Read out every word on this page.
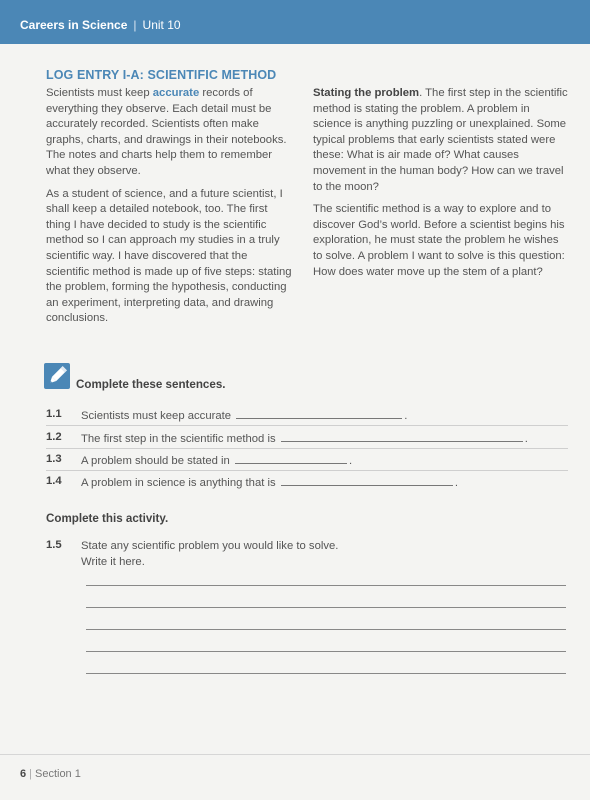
Careers in Science | Unit 10
LOG ENTRY I-A: SCIENTIFIC METHOD

Scientists must keep accurate records of everything they observe. Each detail must be accurately recorded. Scientists often make graphs, charts, and drawings in their notebooks. The notes and charts help them to remember what they observe.

As a student of science, and a future scientist, I shall keep a detailed notebook, too. The first thing I have decided to study is the scientific method so I can approach my studies in a truly scientific way. I have discovered that the scientific method is made up of five steps: stating the problem, forming the hypothesis, conducting an experiment, interpreting data, and drawing conclusions.

Stating the problem. The first step in the scientific method is stating the problem. A problem in science is anything puzzling or unexplained. Some typical problems that early scientists stated were these: What is air made of? What causes movement in the human body? How can we travel to the moon?

The scientific method is a way to explore and to discover God’s world. Before a scientist begins his exploration, he must state the problem he wishes to solve. A problem I want to solve is this question: How does water move up the stem of a plant?

Complete these sentences.
1.1 Scientists must keep accurate	.
1.2 The first step in the scientific method is	.
1.3 A problem should be stated in	.
1.4 A problem in science is anything that is	.
Complete this activity.
1.5 State any scientific problem you would like to solve.
Write it here.
6 | Section 1
